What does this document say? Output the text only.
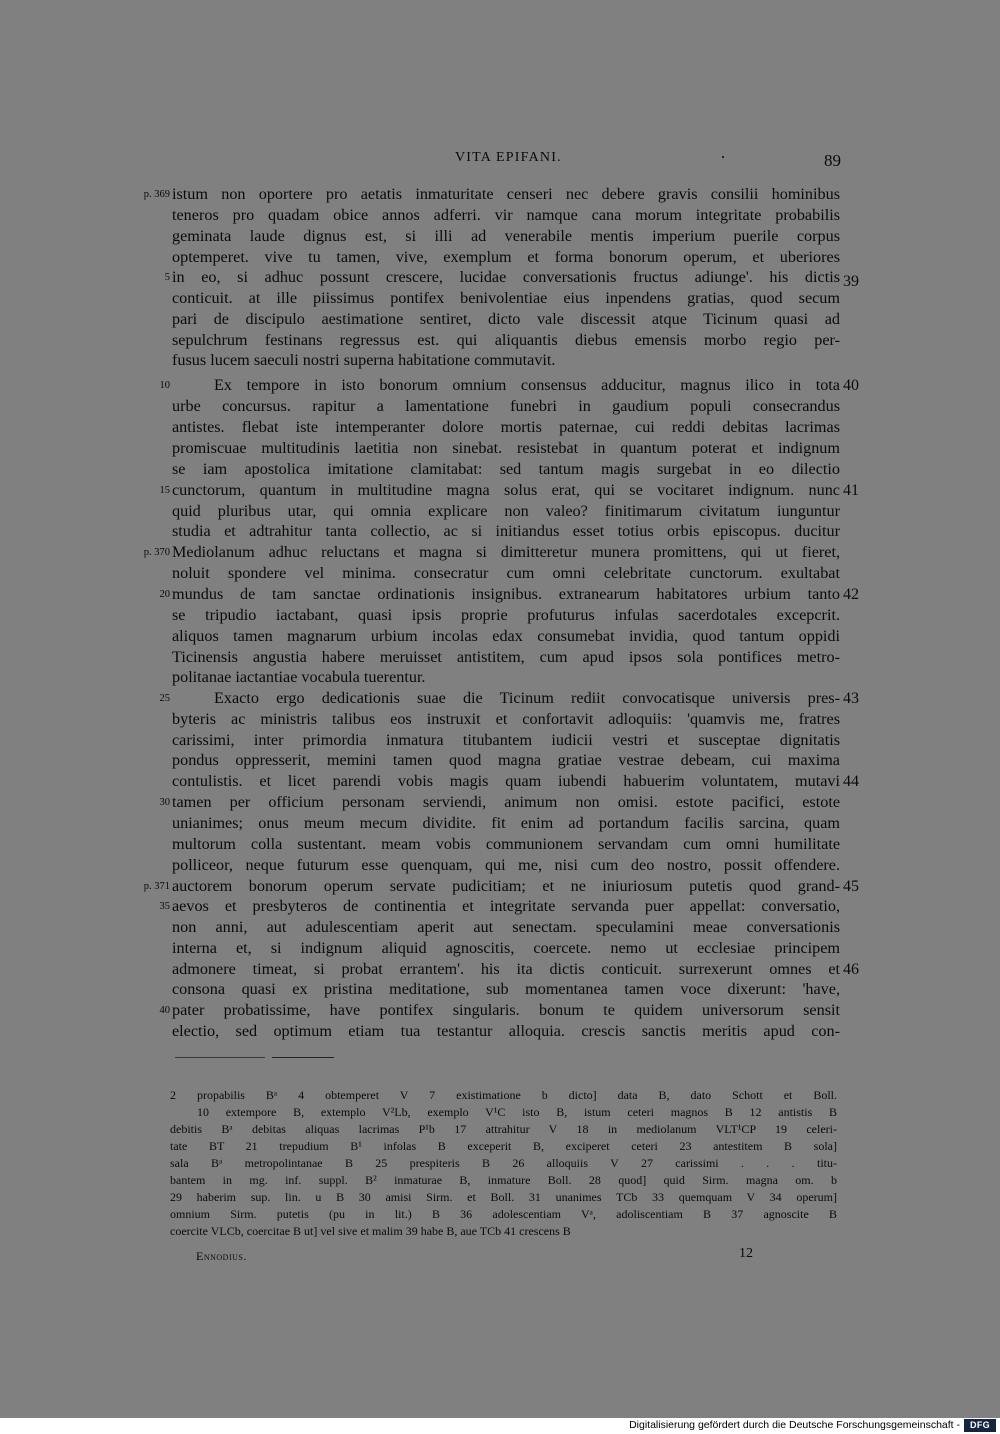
VITA EPIFANI.	89
p. 369
5
10
15
p. 370
20
25
30
p. 371
35
40
39
40
41
42
43
44
45
46
istum non oportere pro aetatis inmaturitate censeri nec debere gravis consilii hominibus
teneros pro quadam obice annos adferri. vir namque cana morum integritate probabilis
geminata laude dignus est, si illi ad venerabile mentis imperium puerile corpus
optemperet. vive tu tamen, vive, exemplum et forma bonorum operum, et uberiores
in eo, si adhuc possunt crescere, lucidae conversationis fructus adiunge'. his dictis
conticuit. at ille piissimus pontifex benivolentiae eius inpendens gratias, quod secum
pari de discipulo aestimatione sentiret, dicto vale discessit atque Ticinum quasi ad
sepulchrum festinans regressus est. qui aliquantis diebus emensis morbo regio per-
fusus lucem saeculi nostri superna habitatione commutavit.
Ex tempore in isto bonorum omnium consensus adducitur, magnus ilico in tota
urbe concursus. rapitur a lamentatione funebri in gaudium populi consecrandus
antistes. flebat iste intemperanter dolore mortis paternae, cui reddi debitas lacrimas
promiscuae multitudinis laetitia non sinebat. resistebat in quantum poterat et indignum
se iam apostolica imitatione clamitabat: sed tantum magis surgebat in eo dilectio
cunctorum, quantum in multitudine magna solus erat, qui se vocitaret indignum. nunc
quid pluribus utar, qui omnia explicare non valeo? finitimarum civitatum iunguntur
studia et adtrahitur tanta collectio, ac si initiandus esset totius orbis episcopus. ducitur
Mediolanum adhuc reluctans et magna si dimitteretur munera promittens, qui ut fieret,
noluit spondere vel minima. consecratur cum omni celebritate cunctorum. exultabat
mundus de tam sanctae ordinationis insignibus. extranearum habitatores urbium tanto
se tripudio iactabant, quasi ipsis proprie profuturus infulas sacerdotales excepcrit.
aliquos tamen magnarum urbium incolas edax consumebat invidia, quod tantum oppidi
Ticinensis angustia habere meruisset antistitem, cum apud ipsos sola pontifices metro-
politanae iactantiae vocabula tuerentur.
Exacto ergo dedicationis suae die Ticinum rediit convocatisque universis pres-
byteris ac ministris talibus eos instruxit et confortavit adloquiis: 'quamvis me, fratres
carissimi, inter primordia inmatura titubantem iudicii vestri et susceptae dignitatis
pondus oppresserit, memini tamen quod magna gratiae vestrae debeam, cui maxima
contulistis. et licet parendi vobis magis quam iubendi habuerim voluntatem, mutavi
tamen per officium personam serviendi, animum non omisi. estote pacifici, estote
unianimes; onus meum mecum dividite. fit enim ad portandum facilis sarcina, quam
multorum colla sustentant. meam vobis communionem servandam cum omni humilitate
polliceor, neque futurum esse quenquam, qui me, nisi cum deo nostro, possit offendere.
auctorem bonorum operum servate pudicitiam; et ne iniuriosum putetis quod grand-
aevos et presbyteros de continentia et integritate servanda puer appellat: conversatio,
non anni, aut adulescentiam aperit aut senectam. speculamini meae conversationis
interna et, si indignum aliquid agnoscitis, coercete. nemo ut ecclesiae principem
admonere timeat, si probat errantem'. his ita dictis conticuit. surrexerunt omnes et
consona quasi ex pristina meditatione, sub momentanea tamen voce dixerunt: 'have,
pater probatissime, have pontifex singularis. bonum te quidem universorum sensit
electio, sed optimum etiam tua testantur alloquia. crescis sanctis meritis apud con-
2 propabilis Bᵃ 4 obtemperet V 7 existimatione b dicto] data B, dato Schott et Boll.
10 extempore B, extemplo V²Lb, exemplo V¹C isto B, istum ceteri magnos B 12 antistis B
debitis Bᵃ debitas aliquas lacrimas P¹b 17 attrahitur V 18 in mediolanum VLT¹CP 19 celeri-
tate BT 21 trepudium B¹ infolas B exceperit B, exciperet ceteri 23 antestitem B sola]
sala Bᵃ metropolintanae B 25 prespiteris B 26 alloquiis V 27 carissimi . . . titu-
bantem in mg. inf. suppl. B² inmaturae B, inmature Boll. 28 quod] quid Sirm. magna om. b
29 haberim sup. lin. u B 30 amisi Sirm. et Boll. 31 unanimes TCb 33 quemquam V 34 operum]
omnium Sirm. putetis (pu in lit.) B 36 adolescentiam Vᵃ, adoliscentiam B 37 agnoscite B
coercite VLCb, coercitae B ut] vel sive et malim 39 habe B, aue TCb 41 crescens B
Ennodius.	12
Digitalisierung gefördert durch die Deutsche Forschungsgemeinschaft -	DFG
